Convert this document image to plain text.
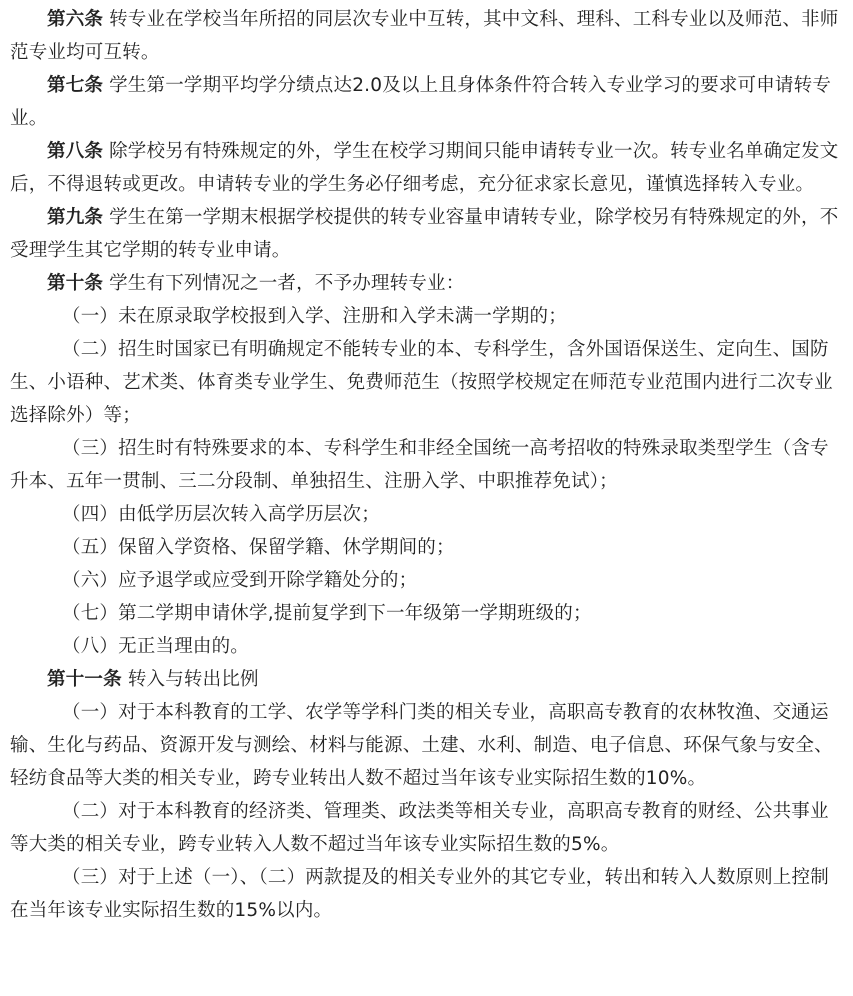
第六条 转专业在学校当年所招的同层次专业中互转，其中文科、理科、工科专业以及师范、非师范专业均可互转。

第七条 学生第一学期平均学分绩点达2.0及以上且身体条件符合转入专业学习的要求可申请转专业。

第八条 除学校另有特殊规定的外，学生在校学习期间只能申请转专业一次。转专业名单确定发文后，不得退转或更改。申请转专业的学生务必仔细考虑，充分征求家长意见，谨慎选择转入专业。

第九条 学生在第一学期末根据学校提供的转专业容量申请转专业，除学校另有特殊规定的外，不受理学生其它学期的转专业申请。

第十条 学生有下列情况之一者，不予办理转专业：

（一）未在原录取学校报到入学、注册和入学未满一学期的；

（二）招生时国家已有明确规定不能转专业的本、专科学生，含外国语保送生、定向生、国防生、小语种、艺术类、体育类专业学生、免费师范生（按照学校规定在师范专业范围内进行二次专业选择除外）等；

（三）招生时有特殊要求的本、专科学生和非经全国统一高考招收的特殊录取类型学生（含专升本、五年一贯制、三二分段制、单独招生、注册入学、中职推荐免试）；

（四）由低学历层次转入高学历层次；

（五）保留入学资格、保留学籍、休学期间的；

（六）应予退学或应受到开除学籍处分的；

（七）第二学期申请休学,提前复学到下一年级第一学期班级的；

（八）无正当理由的。

第十一条 转入与转出比例

（一）对于本科教育的工学、农学等学科门类的相关专业，高职高专教育的农林牧渔、交通运输、生化与药品、资源开发与测绘、材料与能源、土建、水利、制造、电子信息、环保气象与安全、轻纺食品等大类的相关专业，跨专业转出人数不超过当年该专业实际招生数的10%。

（二）对于本科教育的经济类、管理类、政法类等相关专业，高职高专教育的财经、公共事业等大类的相关专业，跨专业转入人数不超过当年该专业实际招生数的5%。

（三）对于上述（一）、（二）两款提及的相关专业外的其它专业，转出和转入人数原则上控制在当年该专业实际招生数的15%以内。
